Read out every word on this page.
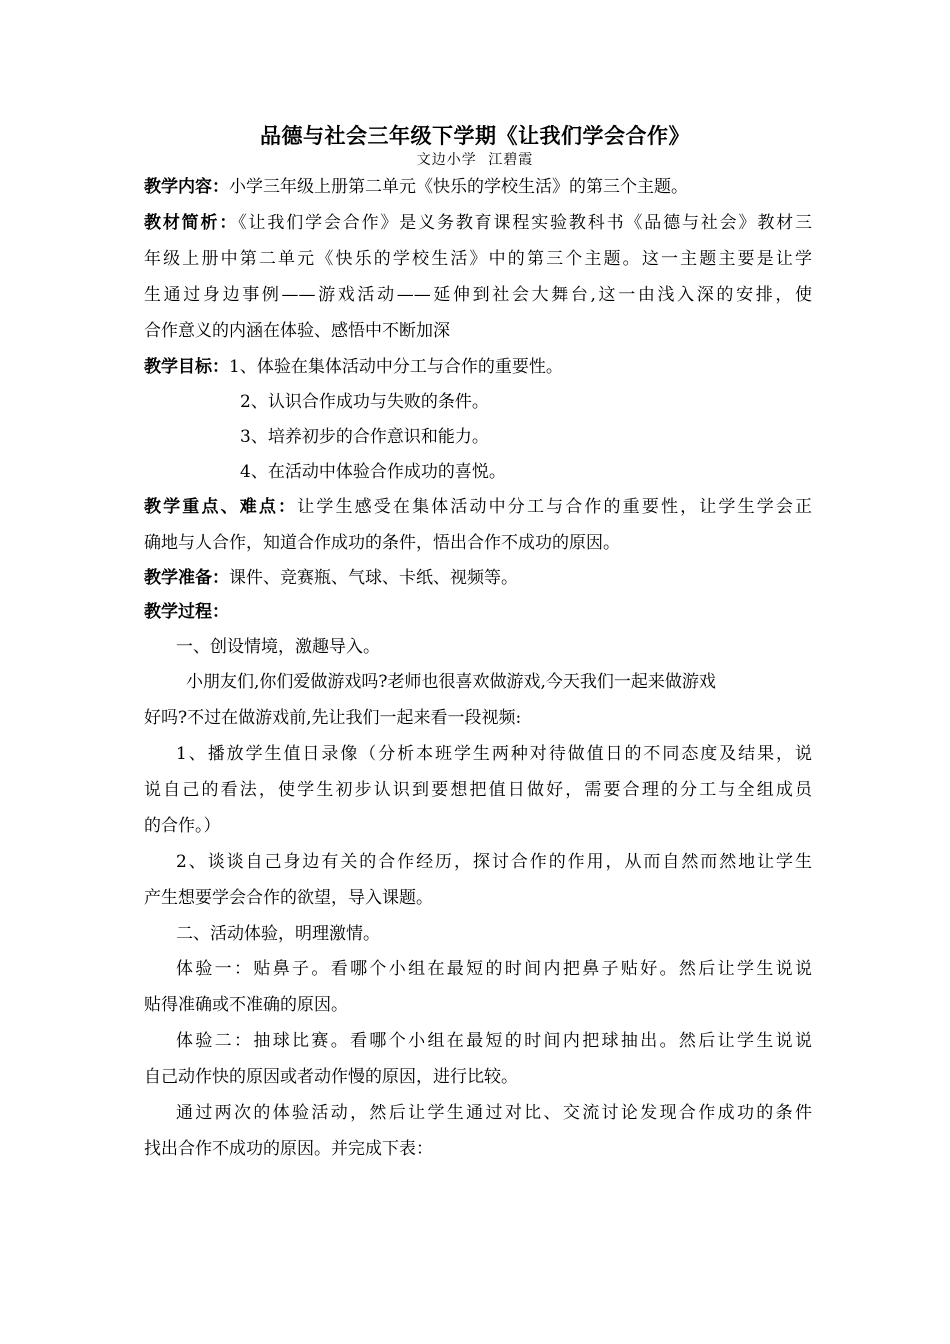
品德与社会三年级下学期《让我们学会合作》
文边小学 江碧霞
教学内容：小学三年级上册第二单元《快乐的学校生活》的第三个主题。
教材简析：《让我们学会合作》是义务教育课程实验教科书《品德与社会》教材三
年级上册中第二单元《快乐的学校生活》中的第三个主题。这一主题主要是让学
生通过身边事例——游戏活动——延伸到社会大舞台,这一由浅入深的安排，使
合作意义的内涵在体验、感悟中不断加深
教学目标：1、体验在集体活动中分工与合作的重要性。
2、认识合作成功与失败的条件。
3、培养初步的合作意识和能力。
4、在活动中体验合作成功的喜悦。
教学重点、难点：让学生感受在集体活动中分工与合作的重要性，让学生学会正
确地与人合作，知道合作成功的条件，悟出合作不成功的原因。
教学准备：课件、竞赛瓶、气球、卡纸、视频等。
教学过程：
一、创设情境，激趣导入。
小朋友们,你们爱做游戏吗?老师也很喜欢做游戏,今天我们一起来做游戏
好吗?不过在做游戏前,先让我们一起来看一段视频:
1、播放学生值日录像（分析本班学生两种对待做值日的不同态度及结果，说
说自己的看法，使学生初步认识到要想把值日做好，需要合理的分工与全组成员
的合作。）
2、谈谈自己身边有关的合作经历，探讨合作的作用，从而自然而然地让学生
产生想要学会合作的欲望，导入课题。
二、活动体验，明理激情。
体验一：贴鼻子。看哪个小组在最短的时间内把鼻子贴好。然后让学生说说
贴得准确或不准确的原因。
体验二：抽球比赛。看哪个小组在最短的时间内把球抽出。然后让学生说说
自己动作快的原因或者动作慢的原因，进行比较。
通过两次的体验活动，然后让学生通过对比、交流讨论发现合作成功的条件
找出合作不成功的原因。并完成下表：
